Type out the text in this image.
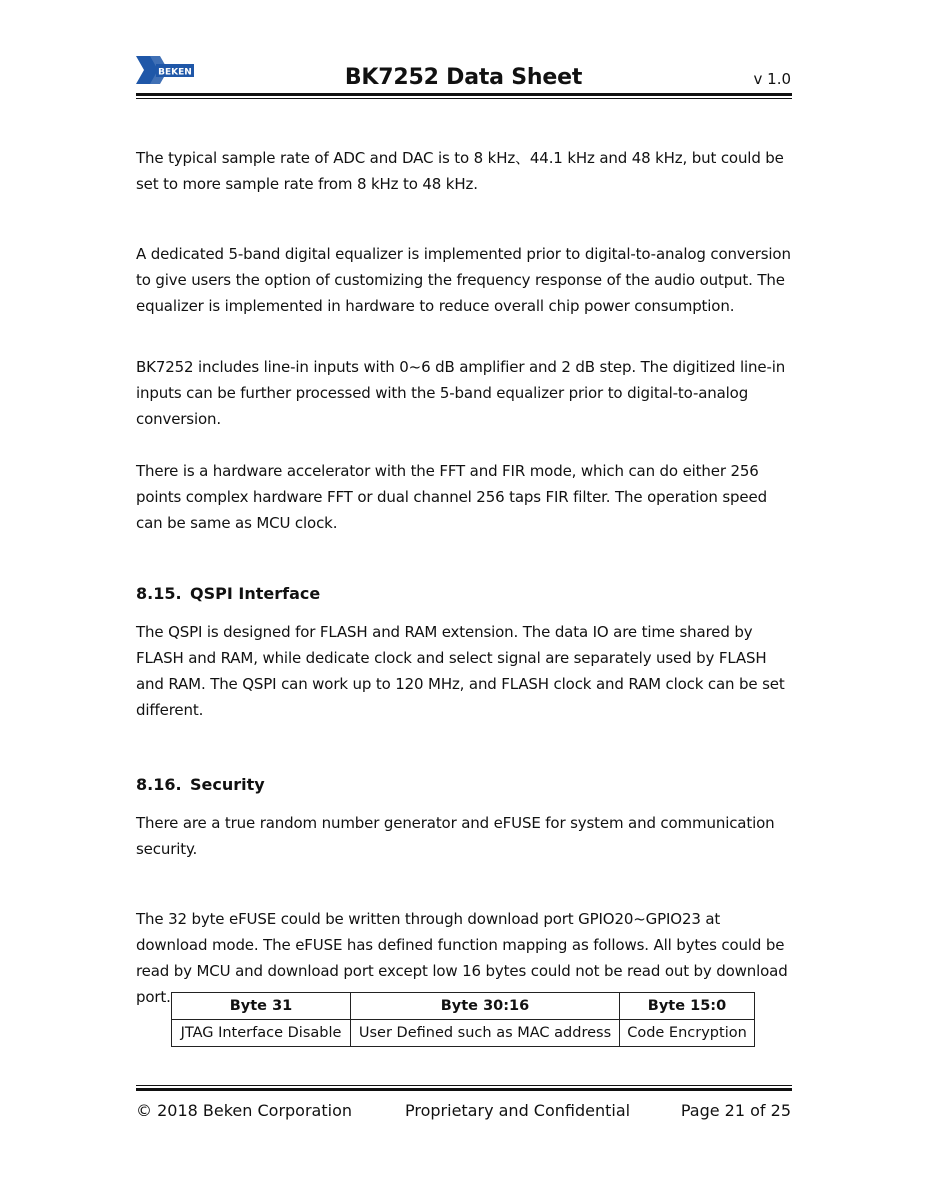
BEKEN	BK7252 Data Sheet	v 1.0

The typical sample rate of ADC and DAC is to 8 kHz、44.1 kHz and 48 kHz, but could be set to more sample rate from 8 kHz to 48 kHz.

A dedicated 5-band digital equalizer is implemented prior to digital-to-analog conversion to give users the option of customizing the frequency response of the audio output. The equalizer is implemented in hardware to reduce overall chip power consumption.

BK7252 includes line-in inputs with 0~6 dB amplifier and 2 dB step. The digitized line-in inputs can be further processed with the 5-band equalizer prior to digital-to-analog conversion.

There is a hardware accelerator with the FFT and FIR mode, which can do either 256 points complex hardware FFT or dual channel 256 taps FIR filter. The operation speed can be same as MCU clock.

8.15. QSPI Interface

The QSPI is designed for FLASH and RAM extension. The data IO are time shared by FLASH and RAM, while dedicate clock and select signal are separately used by FLASH and RAM. The QSPI can work up to 120 MHz, and FLASH clock and RAM clock can be set different.

8.16. Security

There are a true random number generator and eFUSE for system and communication security.

The 32 byte eFUSE could be written through download port GPIO20~GPIO23 at download mode. The eFUSE has defined function mapping as follows. All bytes could be read by MCU and download port except low 16 bytes could not be read out by download port.	Byte 31	Byte 30:16	Byte 15:0
JTAG Interface Disable	User Defined such as MAC address	Code Encryption
© 2018 Beken Corporation	Proprietary and Confidential	Page 21 of 25
